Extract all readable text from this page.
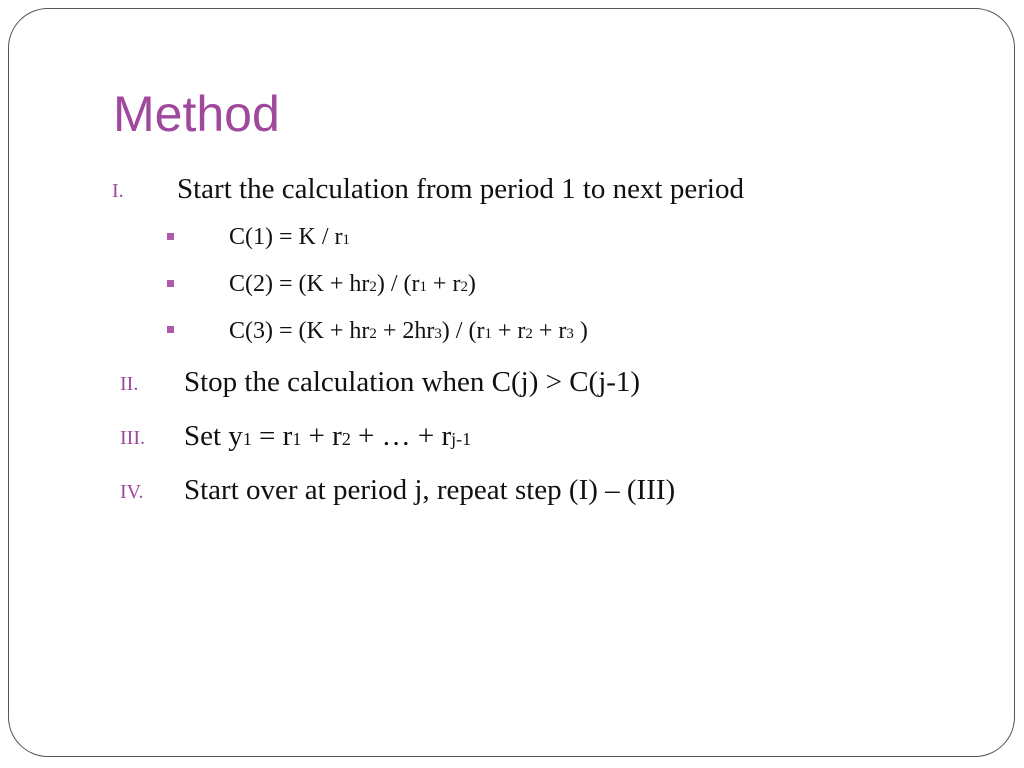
Method
I. Start the calculation from period 1 to next period
C(1) = K / r1
C(2) = (K + hr2) / (r1 + r2)
C(3) = (K + hr2 + 2hr3) / (r1 + r2 + r3 )
II. Stop the calculation when C(j) > C(j-1)
III. Set y1 = r1 + r2 + … + rj-1
IV. Start over at period j, repeat step (I) – (III)
